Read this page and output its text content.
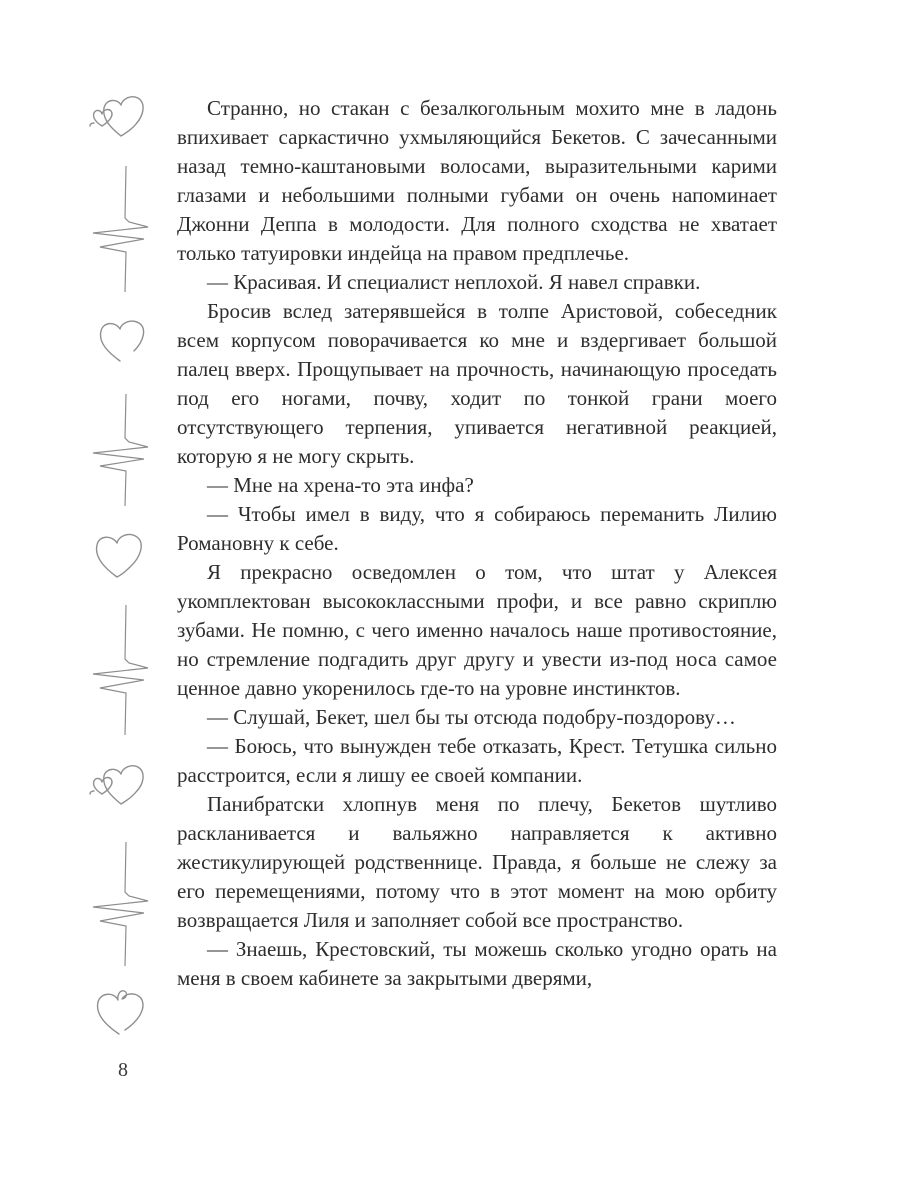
Странно, но стакан с безалкогольным мохито мне в ладонь впихивает саркастично ухмыляющийся Бекетов. С зачесанными назад темно-каштановыми волосами, выразительными карими глазами и небольшими полными губами он очень напоминает Джонни Деппа в молодости. Для полного сходства не хватает только татуировки индейца на правом предплечье.

— Красивая. И специалист неплохой. Я навел справки.

Бросив вслед затерявшейся в толпе Аристовой, собеседник всем корпусом поворачивается ко мне и вздергивает большой палец вверх. Прощупывает на прочность, начинающую проседать под его ногами, почву, ходит по тонкой грани моего отсутствующего терпения, упивается негативной реакцией, которую я не могу скрыть.

— Мне на хрена-то эта инфа?

— Чтобы имел в виду, что я собираюсь переманить Лилию Романовну к себе.

Я прекрасно осведомлен о том, что штат у Алексея укомплектован высококлассными профи, и все равно скриплю зубами. Не помню, с чего именно началось наше противостояние, но стремление подгадить друг другу и увести из-под носа самое ценное давно укоренилось где-то на уровне инстинктов.

— Слушай, Бекет, шел бы ты отсюда подобру-поздорову…

— Боюсь, что вынужден тебе отказать, Крест. Тетушка сильно расстроится, если я лишу ее своей компании.

Панибратски хлопнув меня по плечу, Бекетов шутливо раскланивается и вальяжно направляется к активно жестикулирующей родственнице. Правда, я больше не слежу за его перемещениями, потому что в этот момент на мою орбиту возвращается Лиля и заполняет собой все пространство.

— Знаешь, Крестовский, ты можешь сколько угодно орать на меня в своем кабинете за закрытыми дверями,

8
